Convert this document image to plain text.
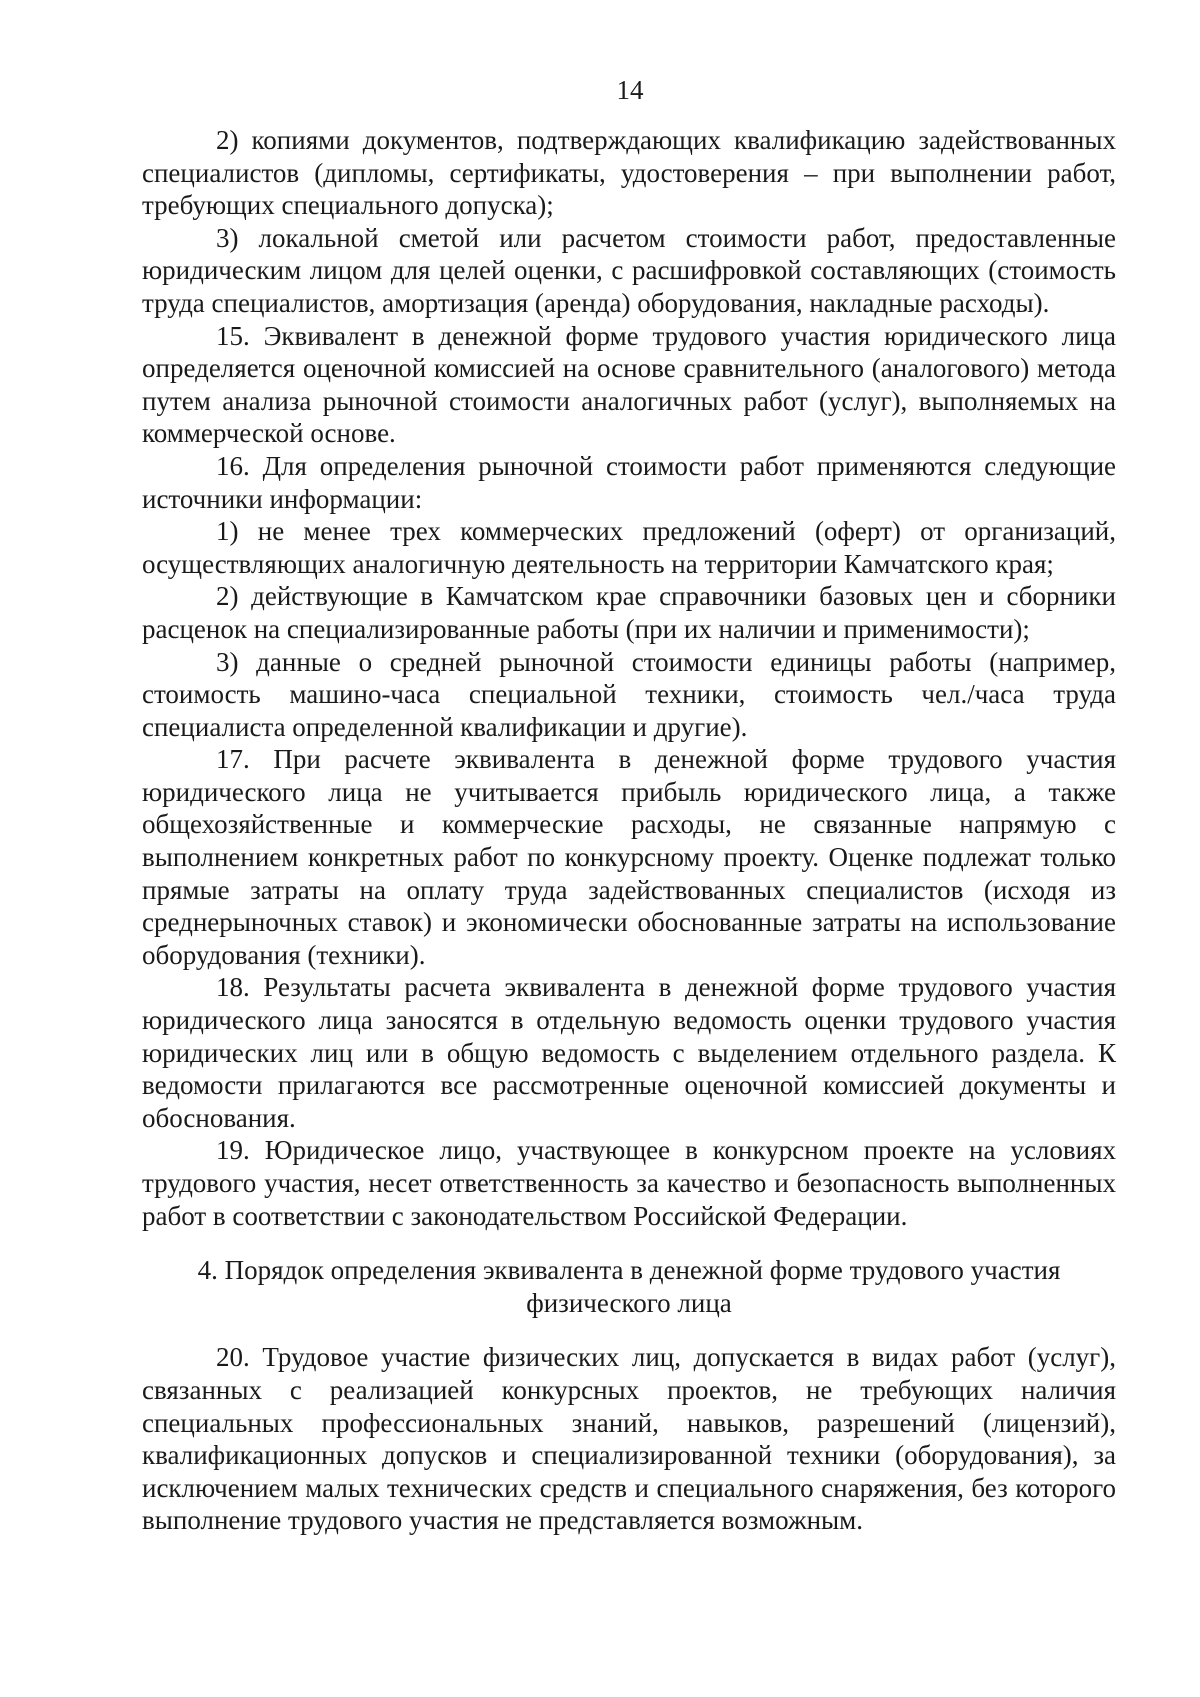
14

2) копиями документов, подтверждающих квалификацию задействованных специалистов (дипломы, сертификаты, удостоверения – при выполнении работ, требующих специального допуска);

3) локальной сметой или расчетом стоимости работ, предоставленные юридическим лицом для целей оценки, с расшифровкой составляющих (стоимость труда специалистов, амортизация (аренда) оборудования, накладные расходы).

15. Эквивалент в денежной форме трудового участия юридического лица определяется оценочной комиссией на основе сравнительного (аналогового) метода путем анализа рыночной стоимости аналогичных работ (услуг), выполняемых на коммерческой основе.

16. Для определения рыночной стоимости работ применяются следующие источники информации:

1) не менее трех коммерческих предложений (оферт) от организаций, осуществляющих аналогичную деятельность на территории Камчатского края;

2) действующие в Камчатском крае справочники базовых цен и сборники расценок на специализированные работы (при их наличии и применимости);

3) данные о средней рыночной стоимости единицы работы (например, стоимость машино-часа специальной техники, стоимость чел./часа труда специалиста определенной квалификации и другие).

17. При расчете эквивалента в денежной форме трудового участия юридического лица не учитывается прибыль юридического лица, а также общехозяйственные и коммерческие расходы, не связанные напрямую с выполнением конкретных работ по конкурсному проекту. Оценке подлежат только прямые затраты на оплату труда задействованных специалистов (исходя из среднерыночных ставок) и экономически обоснованные затраты на использование оборудования (техники).

18. Результаты расчета эквивалента в денежной форме трудового участия юридического лица заносятся в отдельную ведомость оценки трудового участия юридических лиц или в общую ведомость с выделением отдельного раздела. К ведомости прилагаются все рассмотренные оценочной комиссией документы и обоснования.

19. Юридическое лицо, участвующее в конкурсном проекте на условиях трудового участия, несет ответственность за качество и безопасность выполненных работ в соответствии с законодательством Российской Федерации.

4. Порядок определения эквивалента в денежной форме трудового участия физического лица

20. Трудовое участие физических лиц, допускается в видах работ (услуг), связанных с реализацией конкурсных проектов, не требующих наличия специальных профессиональных знаний, навыков, разрешений (лицензий), квалификационных допусков и специализированной техники (оборудования), за исключением малых технических средств и специального снаряжения, без которого выполнение трудового участия не представляется возможным.
